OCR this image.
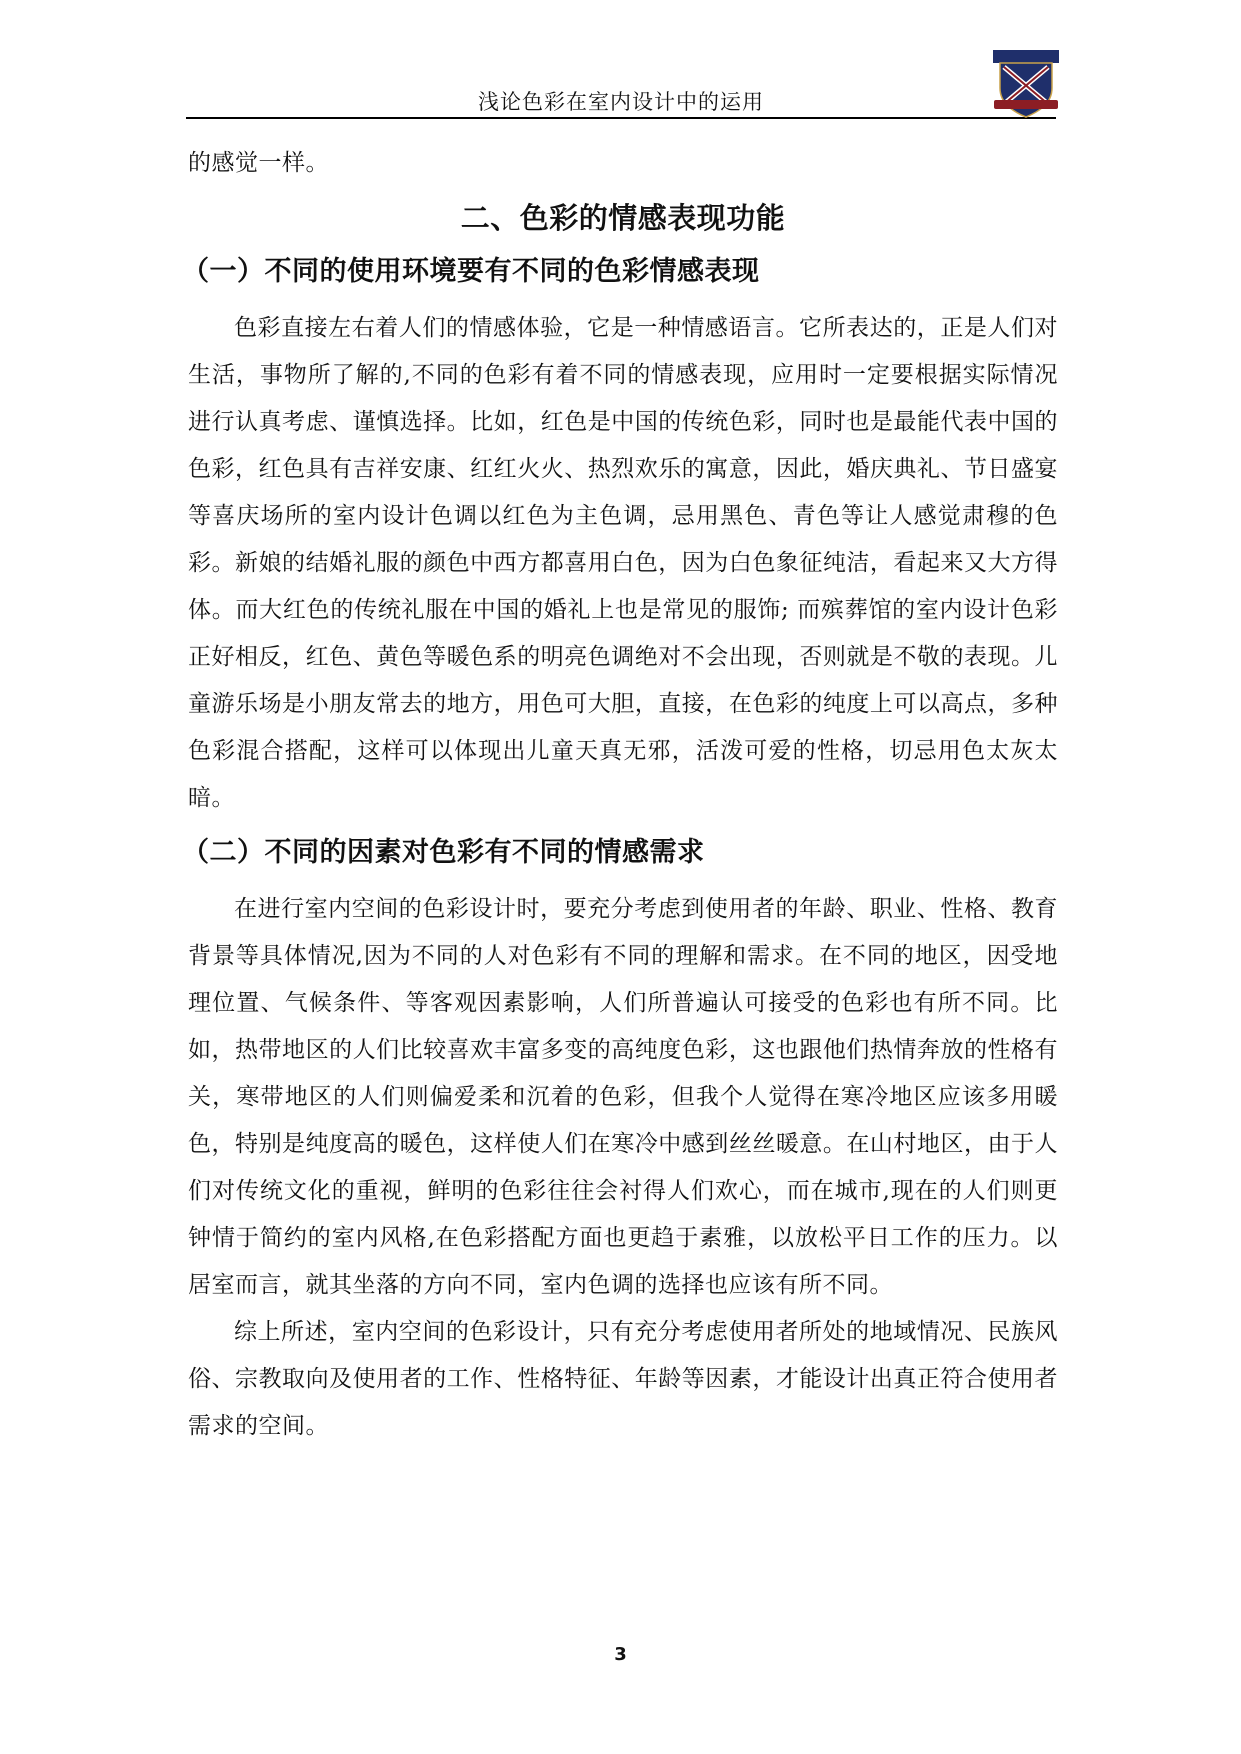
浅论色彩在室内设计中的运用

的感觉一样。

二、色彩的情感表现功能
（一）不同的使用环境要有不同的色彩情感表现

色彩直接左右着人们的情感体验，它是一种情感语言。它所表达的，正是人们对生活，事物所了解的,不同的色彩有着不同的情感表现，应用时一定要根据实际情况进行认真考虑、谨慎选择。比如，红色是中国的传统色彩，同时也是最能代表中国的色彩，红色具有吉祥安康、红红火火、热烈欢乐的寓意，因此，婚庆典礼、节日盛宴等喜庆场所的室内设计色调以红色为主色调，忌用黑色、青色等让人感觉肃穆的色彩。新娘的结婚礼服的颜色中西方都喜用白色，因为白色象征纯洁，看起来又大方得体。而大红色的传统礼服在中国的婚礼上也是常见的服饰; 而殡葬馆的室内设计色彩正好相反，红色、黄色等暖色系的明亮色调绝对不会出现，否则就是不敬的表现。儿童游乐场是小朋友常去的地方，用色可大胆，直接，在色彩的纯度上可以高点，多种色彩混合搭配，这样可以体现出儿童天真无邪，活泼可爱的性格，切忌用色太灰太暗。

（二）不同的因素对色彩有不同的情感需求

在进行室内空间的色彩设计时，要充分考虑到使用者的年龄、职业、性格、教育背景等具体情况,因为不同的人对色彩有不同的理解和需求。在不同的地区，因受地理位置、气候条件、等客观因素影响，人们所普遍认可接受的色彩也有所不同。比如，热带地区的人们比较喜欢丰富多变的高纯度色彩，这也跟他们热情奔放的性格有关，寒带地区的人们则偏爱柔和沉着的色彩，但我个人觉得在寒冷地区应该多用暖色，特别是纯度高的暖色，这样使人们在寒冷中感到丝丝暖意。在山村地区，由于人们对传统文化的重视，鲜明的色彩往往会衬得人们欢心，而在城市,现在的人们则更钟情于简约的室内风格,在色彩搭配方面也更趋于素雅，以放松平日工作的压力。以居室而言，就其坐落的方向不同，室内色调的选择也应该有所不同。

综上所述，室内空间的色彩设计，只有充分考虑使用者所处的地域情况、民族风俗、宗教取向及使用者的工作、性格特征、年龄等因素，才能设计出真正符合使用者需求的空间。

3
